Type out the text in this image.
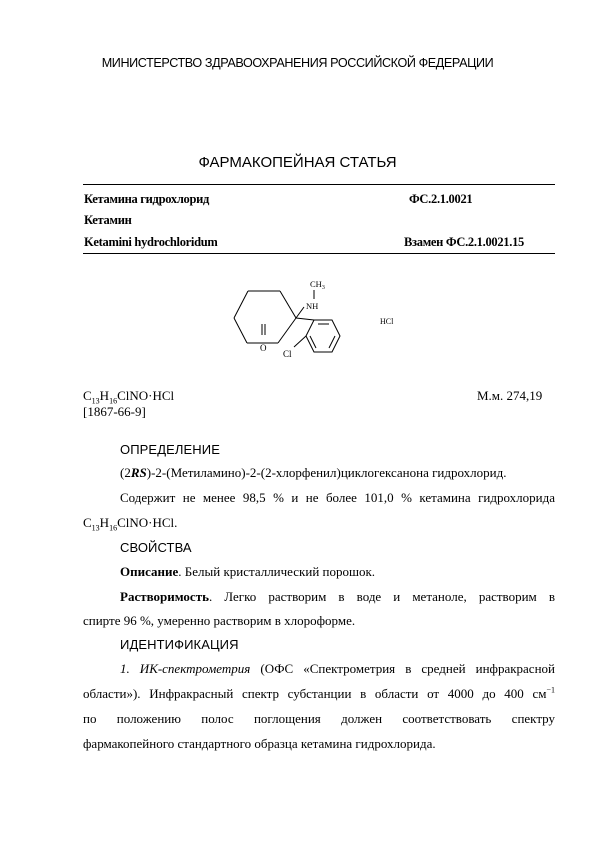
МИНИСТЕРСТВО ЗДРАВООХРАНЕНИЯ РОССИЙСКОЙ ФЕДЕРАЦИИ
ФАРМАКОПЕЙНАЯ СТАТЬЯ
Кетамина гидрохлорид	ФС.2.1.0021
Кетамин
Ketamini hydrochloridum	Взамен ФС.2.1.0021.15
NH
$CH_3$
O
Cl
HCl
$C_{13}H_{16}ClNO\cdot HCl$	М.м. 274,19
[1867-66-9]
ОПРЕДЕЛЕНИЕ
(2RS)-2-(Метиламино)-2-(2-хлорфенил)циклогексанона гидрохлорид.
Содержит не менее 98,5 % и не более 101,0 % кетамина гидрохлорида
$C_{13}H_{16}ClNO\cdot HCl$.
СВОЙСТВА
Описание. Белый кристаллический порошок.
Растворимость. Легко растворим в воде и метаноле, растворим в
спирте 96 %, умеренно растворим в хлороформе.
ИДЕНТИФИКАЦИЯ
1. ИК-спектрометрия (ОФС «Спектрометрия в средней инфракрасной
области»). Инфракрасный спектр субстанции в области от 4000 до 400 $см^{-1}$
по положению полос поглощения должен соответствовать спектру
фармакопейного стандартного образца кетамина гидрохлорида.
